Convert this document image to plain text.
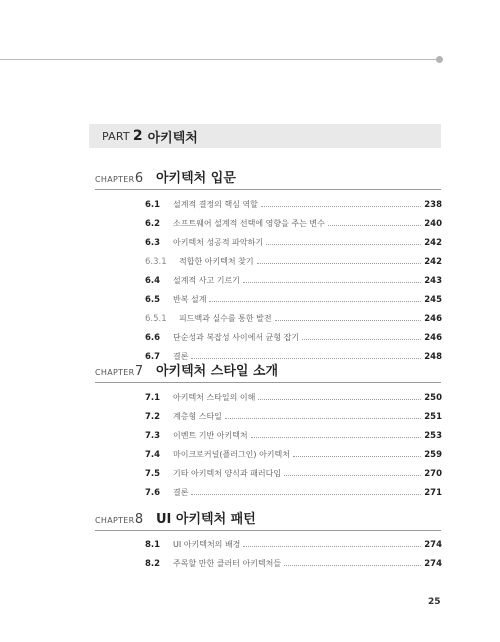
PART 2 아키텍처
CHAPTER 6 아키텍처 입문
6.1	설계적 결정의 핵심 역할	238
6.2	소프트웨어 설계적 선택에 영향을 주는 변수	240
6.3	아키텍처 성공적 파악하기	242
6.3.1	적합한 아키텍처 찾기	242
6.4	설계적 사고 기르기	243
6.5	반복 설계	245
6.5.1	피드백과 실수를 통한 발전	246
6.6	단순성과 복잡성 사이에서 균형 잡기	246
6.7	결론	248
CHAPTER 7 아키텍처 스타일 소개
7.1	아키텍처 스타일의 이해	250
7.2	계층형 스타일	251
7.3	이벤트 기반 아키텍처	253
7.4	마이크로커널(플러그인) 아키텍처	259
7.5	기타 아키텍처 양식과 패러다임	270
7.6	결론	271
CHAPTER 8 UI 아키텍처 패턴
8.1	UI 아키텍처의 배경	274
8.2	주목할 만한 클러터 아키텍처들	274
25
